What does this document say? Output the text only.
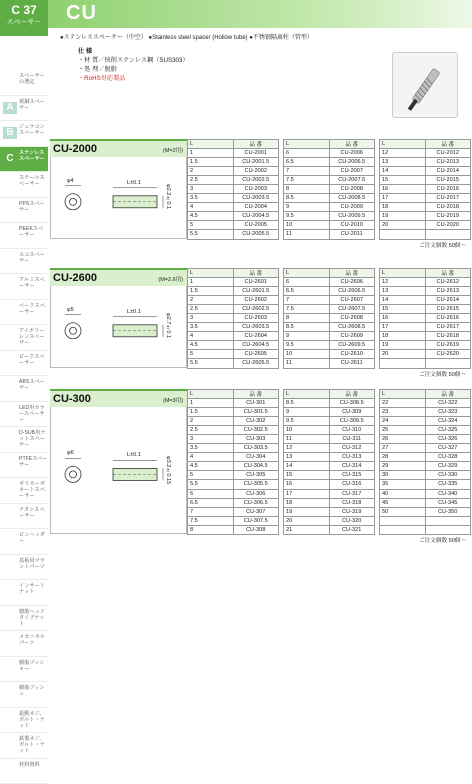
C 37
スペーサー	CU
●ステンレススペーサー（中空） ●Stainless steel spacer (Hollow tube) ●不锈钢隔离柱（管型）
スペーサーの選定
A	黄銅スペーサー
B	ジュラコンスペーサー
C	ステンレススペーサー
スチールスペーサー
PPSスペーサー
PEEKスペーサー
エコスペーサー
アルミスペーサー
ベークスペーサー
アイボリーレンスペーサー
ピークスペーサー
ABSスペーサー
LED用カラースペーサー
D-SUB用ナットスペーサー
PTFEスペーサー
ポリカーボネートスペーサー
チタンスペーサー
ピンヘッダー
基板用マウントパーツ
インサートナット
樹脂ヘッドタイプナット
メカニカルパーツ
樹脂プッシャー
樹脂ブッシュ
振動ネジ、ボルト・ナット
鉄製ネジ、ボルト・ナット
材料資料
仕 様
・材 質／快削ステンレス鋼（SUS303）
・処 理／脱脂
・RoHS対応製品
CU-2000	(M=2用)
φ4	L±0.1
φ2.2±0.1
L	品 番
1	CU-2001
1.5	CU-2001.5
2	CU-2002
2.5	CU-2002.5
3	CU-2003
3.5	CU-2003.5
4	CU-2004
4.5	CU-2004.5
5	CU-2005
5.5	CU-2005.5
L	品 番
6	CU-2006
6.5	CU-2006.5
7	CU-2007
7.5	CU-2007.5
8	CU-2008
8.5	CU-2008.5
9	CU-2009
9.5	CU-2009.5
10	CU-2010
11	CU-2011
L	品 番
12	CU-2012
13	CU-2013
14	CU-2014
15	CU-2015
16	CU-2016
17	CU-2017
18	CU-2018
19	CU-2019
20	CU-2020

ご注文個数 50個〜
CU-2600	(M=2.6用)
φ5	L±0.1
φ2.7±0.1
L	品 番
1	CU-2601
1.5	CU-2601.5
2	CU-2602
2.5	CU-2602.5
3	CU-2603
3.5	CU-2603.5
4	CU-2604
4.5	CU-2604.5
5	CU-2605
5.5	CU-2605.5
L	品 番
6	CU-2606
6.5	CU-2606.5
7	CU-2607
7.5	CU-2607.5
8	CU-2608
8.5	CU-2608.5
9	CU-2609
9.5	CU-2609.5
10	CU-2610
11	CU-2611
L	品 番
12	CU-2612
13	CU-2613
14	CU-2614
15	CU-2615
16	CU-2616
17	CU-2617
18	CU-2618
19	CU-2619
20	CU-2620

ご注文個数 50個〜
CU-300	(M=3用)
φ6	L±0.1
φ3.2±0.15
L	品 番
1	CU-301
1.5	CU-301.5
2	CU-302
2.5	CU-302.5
3	CU-303
3.5	CU-303.5
4	CU-304
4.5	CU-304.5
5	CU-305
5.5	CU-305.5
6	CU-306
6.5	CU-306.5
7	CU-307
7.5	CU-307.5
8	CU-308
L	品 番
8.5	CU-308.5
9	CU-309
9.5	CU-309.5
10	CU-310
11	CU-311
12	CU-312
13	CU-313
14	CU-314
15	CU-315
16	CU-316
17	CU-317
18	CU-318
19	CU-319
20	CU-320
21	CU-321
L	品 番
22	CU-322
23	CU-323
24	CU-324
25	CU-325
26	CU-326
27	CU-327
28	CU-328
29	CU-329
30	CU-330
35	CU-335
40	CU-340
45	CU-345
50	CU-350

ご注文個数 50個〜
